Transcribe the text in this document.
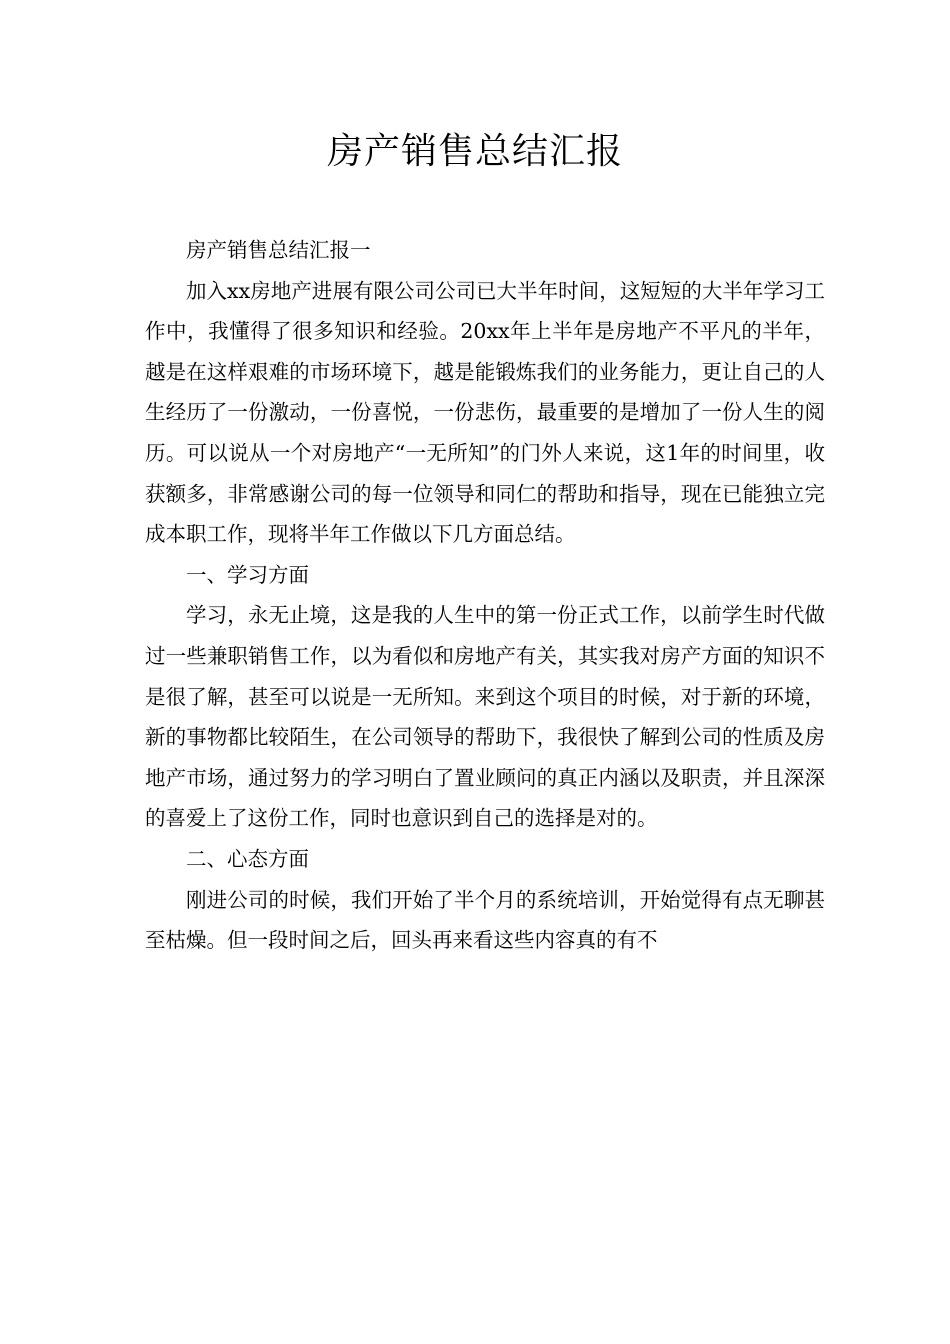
房产销售总结汇报

房产销售总结汇报一

加入xx房地产进展有限公司公司已大半年时间，这短短的大半年学习工作中，我懂得了很多知识和经验。20xx年上半年是房地产不平凡的半年，越是在这样艰难的市场环境下，越是能锻炼我们的业务能力，更让自己的人生经历了一份激动，一份喜悦，一份悲伤，最重要的是增加了一份人生的阅历。可以说从一个对房地产“一无所知”的门外人来说，这1年的时间里，收获额多，非常感谢公司的每一位领导和同仁的帮助和指导，现在已能独立完成本职工作，现将半年工作做以下几方面总结。

一、学习方面

学习，永无止境，这是我的人生中的第一份正式工作，以前学生时代做过一些兼职销售工作，以为看似和房地产有关，其实我对房产方面的知识不是很了解，甚至可以说是一无所知。来到这个项目的时候，对于新的环境，新的事物都比较陌生，在公司领导的帮助下，我很快了解到公司的性质及房地产市场，通过努力的学习明白了置业顾问的真正内涵以及职责，并且深深的喜爱上了这份工作，同时也意识到自己的选择是对的。

二、心态方面

刚进公司的时候，我们开始了半个月的系统培训，开始觉得有点无聊甚至枯燥。但一段时间之后，回头再来看这些内容真的有不
